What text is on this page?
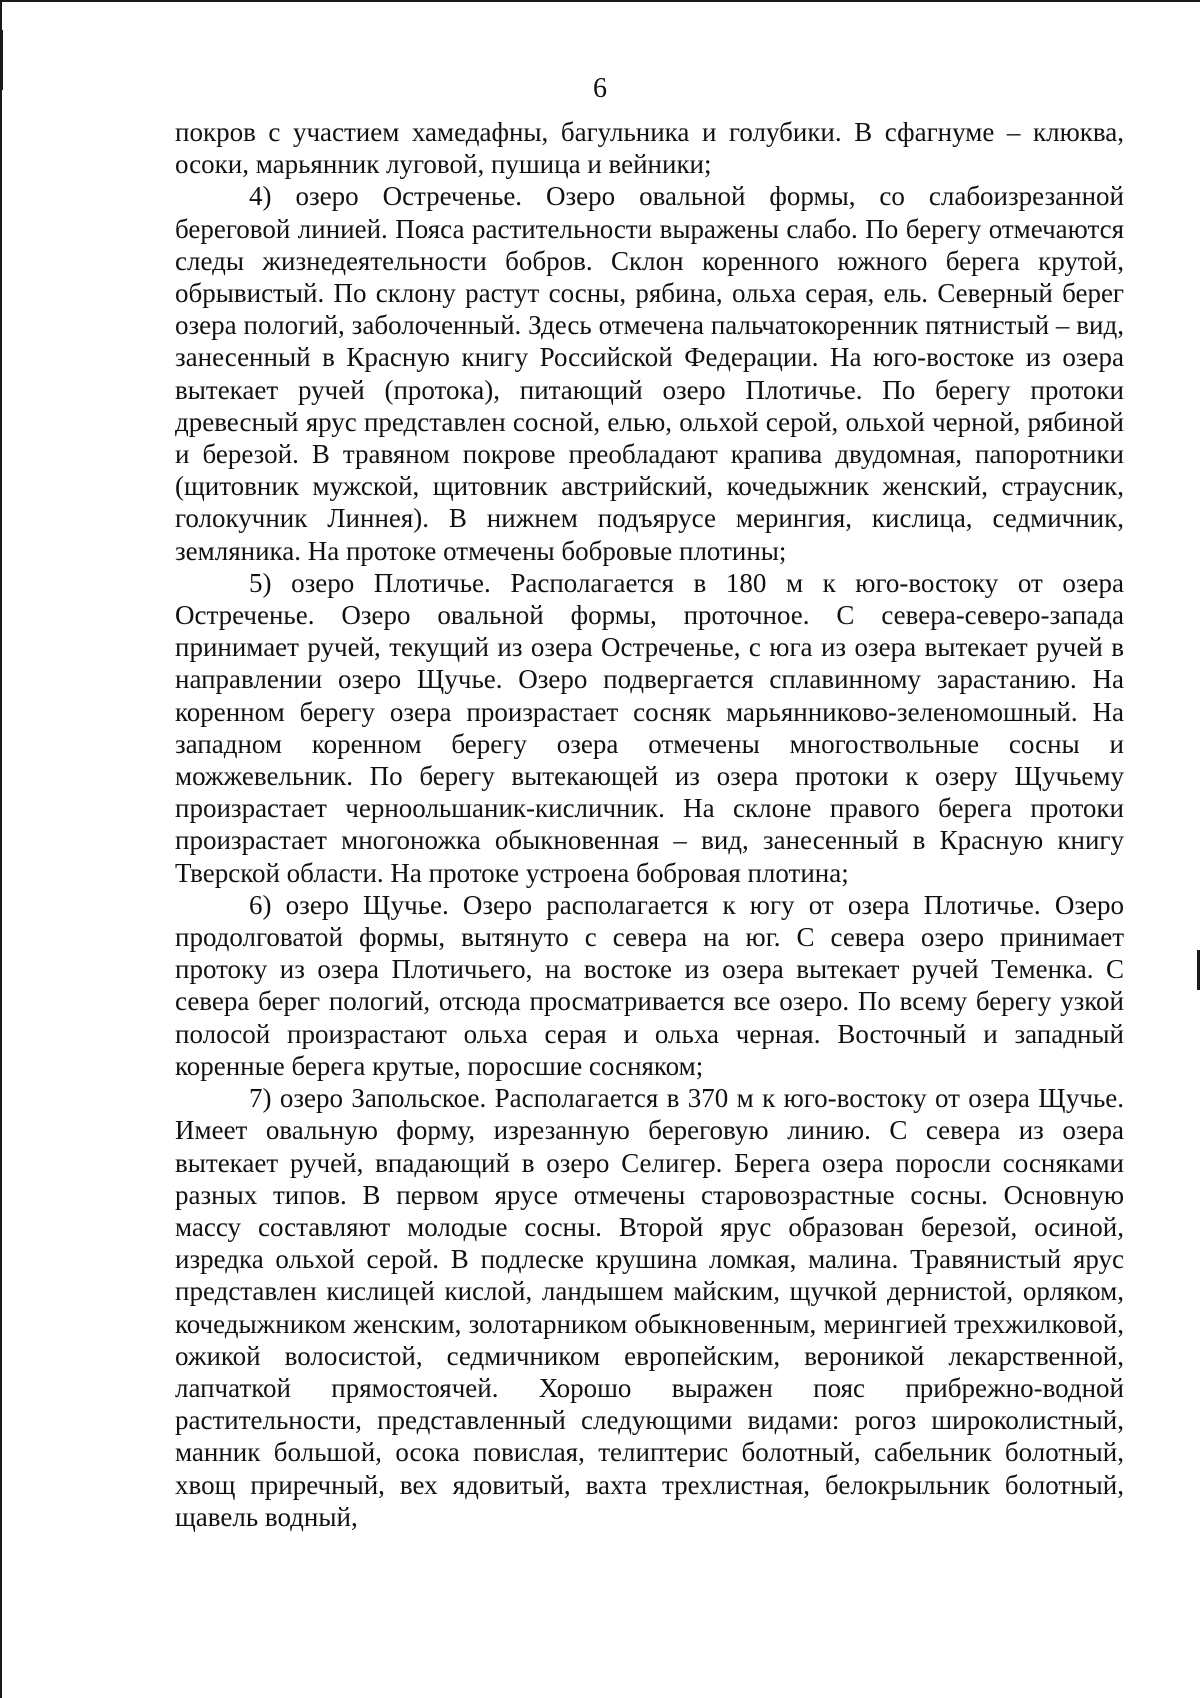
6

покров с участием хамедафны, багульника и голубики. В сфагнуме – клюква, осоки, марьянник луговой, пушица и вейники;

4) озеро Остреченье. Озеро овальной формы, со слабоизрезанной береговой линией. Пояса растительности выражены слабо. По берегу отмечаются следы жизнедеятельности бобров. Склон коренного южного берега крутой, обрывистый. По склону растут сосны, рябина, ольха серая, ель. Северный берег озера пологий, заболоченный. Здесь отмечена пальчатокоренник пятнистый – вид, занесенный в Красную книгу Российской Федерации. На юго-востоке из озера вытекает ручей (протока), питающий озеро Плотичье. По берегу протоки древесный ярус представлен сосной, елью, ольхой серой, ольхой черной, рябиной и березой. В травяном покрове преобладают крапива двудомная, папоротники (щитовник мужской, щитовник австрийский, кочедыжник женский, страусник, голокучник Линнея). В нижнем подъярусе мерингия, кислица, седмичник, земляника. На протоке отмечены бобровые плотины;

5) озеро Плотичье. Располагается в 180 м к юго-востоку от озера Остреченье. Озеро овальной формы, проточное. С севера-северо-запада принимает ручей, текущий из озера Остреченье, с юга из озера вытекает ручей в направлении озеро Щучье. Озеро подвергается сплавинному зарастанию. На коренном берегу озера произрастает сосняк марьянниково-зеленомошный. На западном коренном берегу озера отмечены многоствольные сосны и можжевельник. По берегу вытекающей из озера протоки к озеру Щучьему произрастает черноольшаник-кисличник. На склоне правого берега протоки произрастает многоножка обыкновенная – вид, занесенный в Красную книгу Тверской области. На протоке устроена бобровая плотина;

6) озеро Щучье. Озеро располагается к югу от озера Плотичье. Озеро продолговатой формы, вытянуто с севера на юг. С севера озеро принимает протоку из озера Плотичьего, на востоке из озера вытекает ручей Теменка. С севера берег пологий, отсюда просматривается все озеро. По всему берегу узкой полосой произрастают ольха серая и ольха черная. Восточный и западный коренные берега крутые, поросшие сосняком;

7) озеро Запольское. Располагается в 370 м к юго-востоку от озера Щучье. Имеет овальную форму, изрезанную береговую линию. С севера из озера вытекает ручей, впадающий в озеро Селигер. Берега озера поросли сосняками разных типов. В первом ярусе отмечены старовозрастные сосны. Основную массу составляют молодые сосны. Второй ярус образован березой, осиной, изредка ольхой серой. В подлеске крушина ломкая, малина. Травянистый ярус представлен кислицей кислой, ландышем майским, щучкой дернистой, орляком, кочедыжником женским, золотарником обыкновенным, мерингией трехжилковой, ожикой волосистой, седмичником европейским, вероникой лекарственной, лапчаткой прямостоячей. Хорошо выражен пояс прибрежно-водной растительности, представленный следующими видами: рогоз широколистный, манник большой, осока повислая, телиптерис болотный, сабельник болотный, хвощ приречный, вех ядовитый, вахта трехлистная, белокрыльник болотный, щавель водный,
